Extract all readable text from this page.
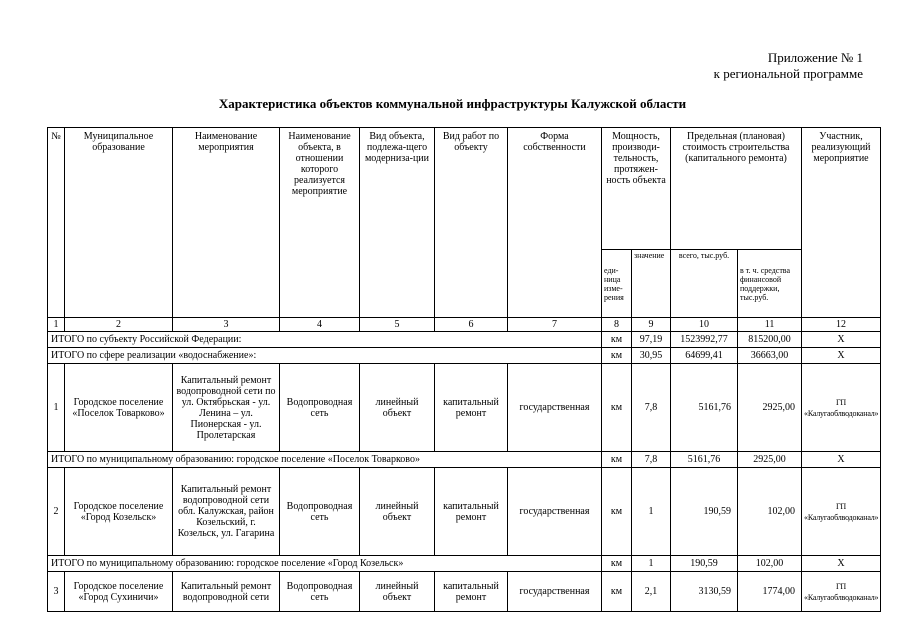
Приложение № 1
к региональной программе
Характеристика объектов коммунальной инфраструктуры Калужской области
№	Муниципальное образование	Наименование мероприятия	Наименование объекта, в отношении которого реализуется мероприятие	Вид объекта, подлежа-щего модерниза-ции	Вид работ по объекту	Форма собственности	Мощность, производи-тельность, протяжен-ность объекта		Предельная (плановая) стоимость строительства (капитального ремонта)		Участник, реализующий мероприятие
							еди-ница изме-рения	значение	всего, тыс.руб.	в т. ч. средства финансовой поддержки, тыс.руб.	
1	2	3	4	5	6	7	8	9	10	11	12
ИТОГО по субъекту Российской Федерации:							км	97,19	1523992,77	815200,00	X
ИТОГО по сфере реализации «водоснабжение»:							км	30,95	64699,41	36663,00	X
1	Городское поселение «Поселок Товарково»	Капитальный ремонт водопроводной сети по ул. Октябрьская - ул. Ленина – ул. Пионерская - ул. Пролетарская	Водопроводная сеть	линейный объект	капитальный ремонт	государственная	км	7,8	5161,76	2925,00	ГП «Калугаоблводоканал»
ИТОГО по муниципальному образованию: городское поселение «Поселок Товарково»							км	7,8	5161,76	2925,00	X
2	Городское поселение «Город Козельск»	Капитальный ремонт водопроводной сети обл. Калужская, район Козельский, г. Козельск, ул. Гагарина	Водопроводная сеть	линейный объект	капитальный ремонт	государственная	км	1	190,59	102,00	ГП «Калугаоблводоканал»
ИТОГО по муниципальному образованию: городское поселение «Город Козельск»							км	1	190,59	102,00	X
3	Городское поселение «Город Сухиничи»	Капитальный ремонт водопроводной сети	Водопроводная сеть	линейный объект	капитальный ремонт	государственная	км	2,1	3130,59	1774,00	ГП «Калугаоблводоканал»
